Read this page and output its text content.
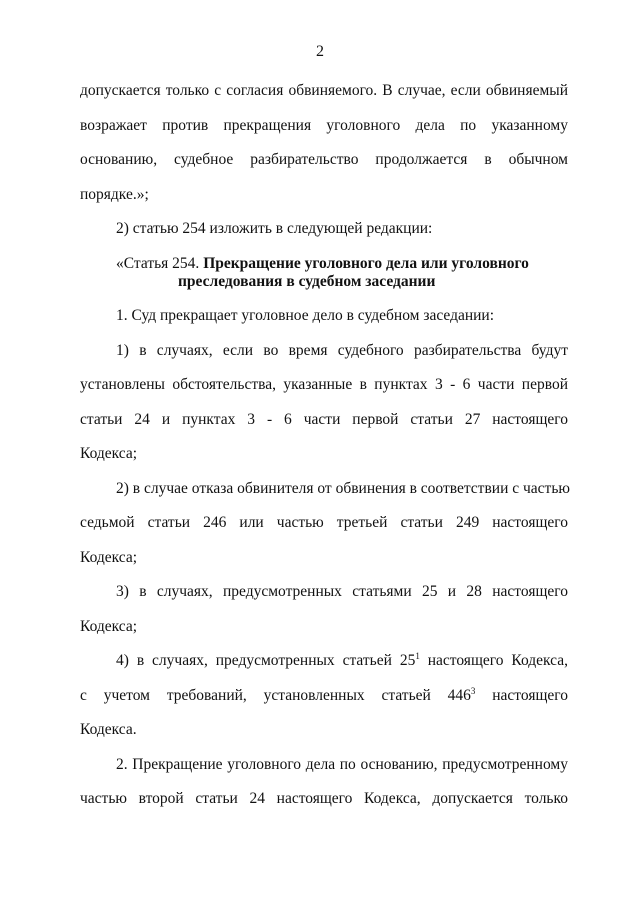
2
допускается только с согласия обвиняемого. В случае, если обвиняемый
возражает против прекращения уголовного дела по указанному
основанию, судебное разбирательство продолжается в обычном
порядке.»;
2) статью 254 изложить в следующей редакции:
«Статья 254. Прекращение уголовного дела или уголовного
преследования в судебном заседании
1. Суд прекращает уголовное дело в судебном заседании:
1) в случаях, если во время судебного разбирательства будут
установлены обстоятельства, указанные в пунктах 3 - 6 части первой
статьи 24 и пунктах 3 - 6 части первой статьи 27 настоящего
Кодекса;
2) в случае отказа обвинителя от обвинения в соответствии с частью
седьмой статьи 246 или частью третьей статьи 249 настоящего
Кодекса;
3) в случаях, предусмотренных статьями 25 и 28 настоящего
Кодекса;
4) в случаях, предусмотренных статьей $25^1$ настоящего Кодекса,
с учетом требований, установленных статьей $446^3$ настоящего
Кодекса.
2. Прекращение уголовного дела по основанию, предусмотренному
частью второй статьи 24 настоящего Кодекса, допускается только
